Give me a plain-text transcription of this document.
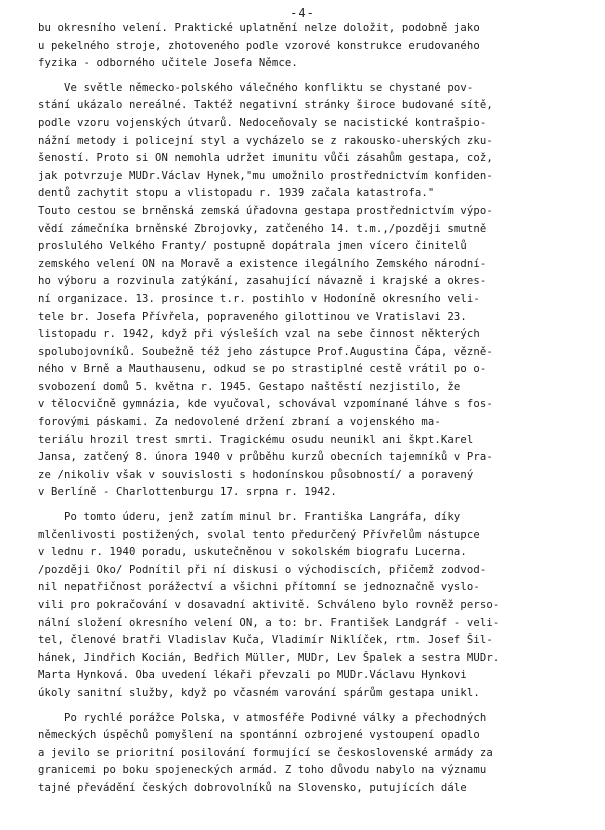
-4-
bu okresního velení. Praktické uplatnění nelze doložit, podobně jako
u pekelného stroje, zhotoveného podle vzorové konstrukce erudovaného
fyzika - odborného učitele Josefa Němce.
Ve světle německo-polského válečného konfliktu se chystané pov-
stání ukázalo nereálné. Taktéž negativní stránky široce budované sítě,
podle vzoru vojenských útvarů. Nedoceňovaly se nacistické kontrašpio-
nážní metody i policejní styl a vycházelo se z rakousko-uherských zku-
šeností. Proto si ON nemohla udržet imunitu vůči zásahům gestapa, což,
jak potvrzuje MUDr.Václav Hynek,"mu umožnilo prostřednictvím konfiden-
dentů zachytit stopu a vlistopadu r. 1939 začala katastrofa."
Touto cestou se brněnská zemská úřadovna gestapa prostřednictvím výpo-
vědí zámečníka brněnské Zbrojovky, zatčeného 14. t.m.,/později smutně
proslulého Velkého Franty/ postupně dopátrala jmen vícero činitelů
zemského velení ON na Moravě a existence ilegálního Zemského národní-
ho výboru a rozvinula zatýkání, zasahující návazně i krajské a okres-
ní organizace. 13. prosince t.r. postihlo v Hodoníně okresního veli-
tele br. Josefa Přívřela, popraveného gilottinou ve Vratislavi 23.
listopadu r. 1942, když při výsleších vzal na sebe činnost některých
spolubojovníků. Soubežně též jeho zástupce Prof.Augustina Čápa, vězně-
ného v Brně a Mauthausenu, odkud se po strastiplné cestě vrátil po o-
svobození domů 5. května r. 1945. Gestapo naštěstí nezjistilo, že
v tělocvičně gymnázia, kde vyučoval, schovával vzpomínané láhve s fos-
forovými páskami. Za nedovolené držení zbraní a vojenského ma-
teriálu hrozil trest smrti. Tragickému osudu neunikl ani škpt.Karel
Jansa, zatčený 8. února 1940 v průběhu kurzů obecních tajemníků v Pra-
ze /nikoliv však v souvislosti s hodonínskou působností/ a poravený
v Berlíně - Charlottenburgu 17. srpna r. 1942.
Po tomto úderu, jenž zatím minul br. Františka Langráfa, díky
mlčenlivosti postižených, svolal tento předurčený Přívřelům nástupce
v lednu r. 1940 poradu, uskutečněnou v sokolském biografu Lucerna.
/později Oko/ Podnítil při ní diskusi o východiscích, přičemž zodvod-
nil nepatřičnost porážectví a všichni přítomní se jednoznačně vyslo-
vili pro pokračování v dosavadní aktivitě. Schváleno bylo rovněž perso-
nální složení okresního velení ON, a to: br. František Landgráf - veli-
tel, členové bratři Vladislav Kuča, Vladimír Niklíček, rtm. Josef Šil-
hánek, Jindřich Kocián, Bedřich Müller, MUDr, Lev Špalek a sestra MUDr.
Marta Hynková. Oba uvedení lékaři převzali po MUDr.Václavu Hynkovi
úkoly sanitní služby, když po včasném varování spárům gestapa unikl.
Po rychlé porážce Polska, v atmosféře Podivné války a přechodných
německých úspěchů pomyšlení na spontánní ozbrojené vystoupení opadlo
a jevilo se prioritní posilování formující se československé armády za
granicemi po boku spojeneckých armád. Z toho důvodu nabylo na významu
tajné převádění českých dobrovolníků na Slovensko, putujících dále
